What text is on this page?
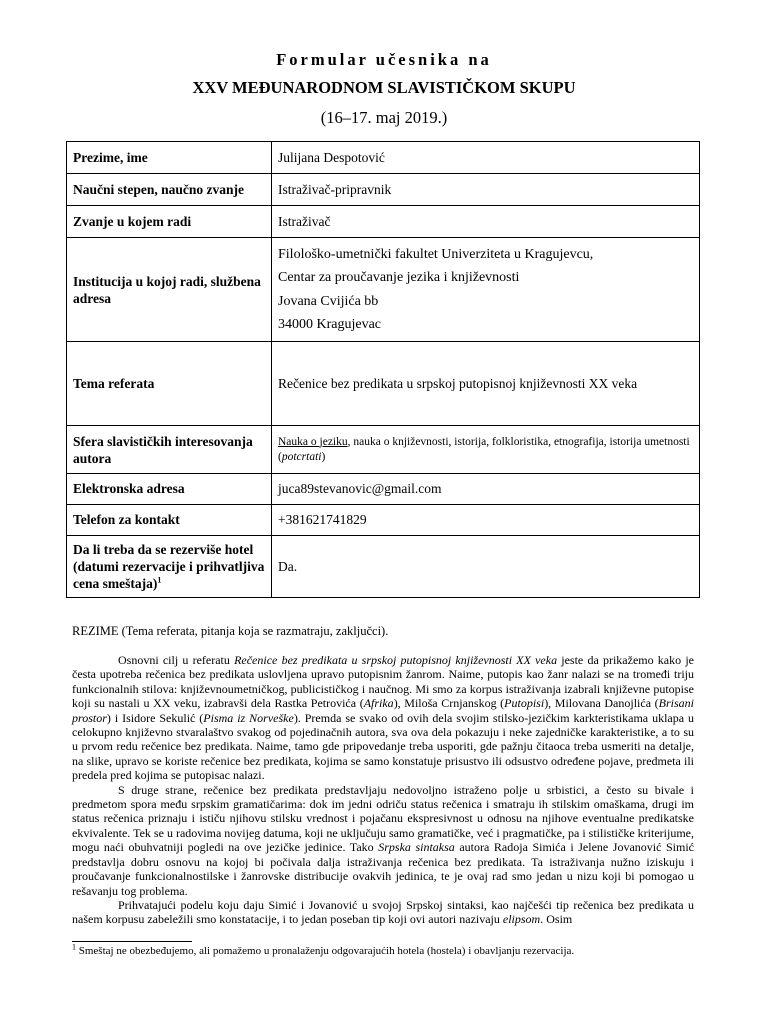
Formular učesnika na
XXV MEĐUNARODNOM SLAVISTIČKOM SKUPU
(16–17. maj 2019.)
Prezime, ime	Julijana Despotović
Naučni stepen, naučno zvanje	Istraživač-pripravnik
Zvanje u kojem radi	Istraživač
Institucija u kojoj radi, službena adresa	Filološko-umetnički fakultet Univerziteta u Kragujevcu,
Centar za proučavanje jezika i književnosti
Jovana Cvijića bb
34000 Kragujevac

Tema referata	Rečenice bez predikata u srpskoj putopisnoj književnosti XX veka
Sfera slavističkih interesovanja autora	Nauka o jeziku, nauka o književnosti, istorija, folkloristika, etnografija, istorija umetnosti (potcrtati)
Elektronska adresa	juca89stevanovic@gmail.com
Telefon za kontakt	+381621741829
Da li treba da se rezerviše hotel (datumi rezervacije i prihvatljiva cena smeštaja)$^1$	Da.
REZIME (Tema referata, pitanja koja se razmatraju, zaključci).

Osnovni cilj u referatu Rečenice bez predikata u srpskoj putopisnoj književnosti XX veka jeste da prikažemo kako je česta upotreba rečenica bez predikata uslovljena upravo putopisnim žanrom. Naime, putopis kao žanr nalazi se na tromeđi triju funkcionalnih stilova: književnoumetničkog, publicističkog i naučnog. Mi smo za korpus istraživanja izabrali književne putopise koji su nastali u XX veku, izabravši dela Rastka Petrovića (Afrika), Miloša Crnjanskog (Putopisi), Milovana Danojlića (Brisani prostor) i Isidore Sekulić (Pisma iz Norveške). Premda se svako od ovih dela svojim stilsko-jezičkim karkteristikama uklapa u celokupno književno stvaralaštvo svakog od pojedinačnih autora, sva ova dela pokazuju i neke zajedničke karakteristike, a to su u prvom redu rečenice bez predikata. Naime, tamo gde pripovedanje treba usporiti, gde pažnju čitaoca treba usmeriti na detalje, na slike, upravo se koriste rečenice bez predikata, kojima se samo konstatuje prisustvo ili odsustvo određene pojave, predmeta ili predela pred kojima se putopisac nalazi.

S druge strane, rečenice bez predikata predstavljaju nedovoljno istraženo polje u srbistici, a često su bivale i predmetom spora među srpskim gramatičarima: dok im jedni odriču status rečenica i smatraju ih stilskim omaškama, drugi im status rečenica priznaju i ističu njihovu stilsku vrednost i pojačanu ekspresivnost u odnosu na njihove eventualne predikatske ekvivalente. Tek se u radovima novijeg datuma, koji ne uključuju samo gramatičke, već i pragmatičke, pa i stilističke kriterijume, mogu naći obuhvatniji pogledi na ove jezičke jedinice. Tako Srpska sintaksa autora Radoja Simića i Jelene Jovanović Simić predstavlja dobru osnovu na kojoj bi počivala dalja istraživanja rečenica bez predikata. Ta istraživanja nužno iziskuju i proučavanje funkcionalnostilske i žanrovske distribucije ovakvih jedinica, te je ovaj rad smo jedan u nizu koji bi pomogao u rešavanju tog problema.

Prihvatajući podelu koju daju Simić i Jovanović u svojoj Srpskoj sintaksi, kao najčešći tip rečenica bez predikata u našem korpusu zabeležili smo konstatacije, i to jedan poseban tip koji ovi autori nazivaju elipsom. Osim

$^1$ Smeštaj ne obezbeđujemo, ali pomažemo u pronalaženju odgovarajućih hotela (hostela) i obavljanju rezervacija.
